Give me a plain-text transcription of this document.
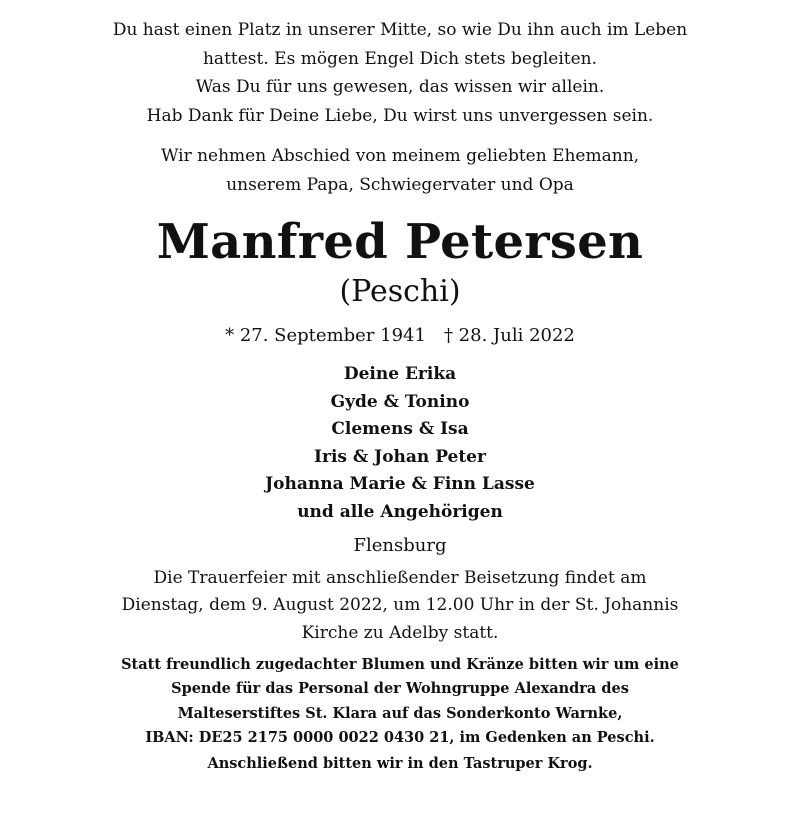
Du hast einen Platz in unserer Mitte, so wie Du ihn auch im Leben
hattest. Es mögen Engel Dich stets begleiten.
Was Du für uns gewesen, das wissen wir allein.
Hab Dank für Deine Liebe, Du wirst uns unvergessen sein.
Wir nehmen Abschied von meinem geliebten Ehemann,
unserem Papa, Schwiegervater und Opa
Manfred Petersen
(Peschi)
* 27. September 1941 † 28. Juli 2022
Deine Erika
Gyde & Tonino
Clemens & Isa
Iris & Johan Peter
Johanna Marie & Finn Lasse
und alle Angehörigen
Flensburg
Die Trauerfeier mit anschließender Beisetzung findet am
Dienstag, dem 9. August 2022, um 12.00 Uhr in der St. Johannis
Kirche zu Adelby statt.
Statt freundlich zugedachter Blumen und Kränze bitten wir um eine
Spende für das Personal der Wohngruppe Alexandra des
Malteserstiftes St. Klara auf das Sonderkonto Warnke,
IBAN: DE25 2175 0000 0022 0430 21, im Gedenken an Peschi.
Anschließend bitten wir in den Tastruper Krog.
